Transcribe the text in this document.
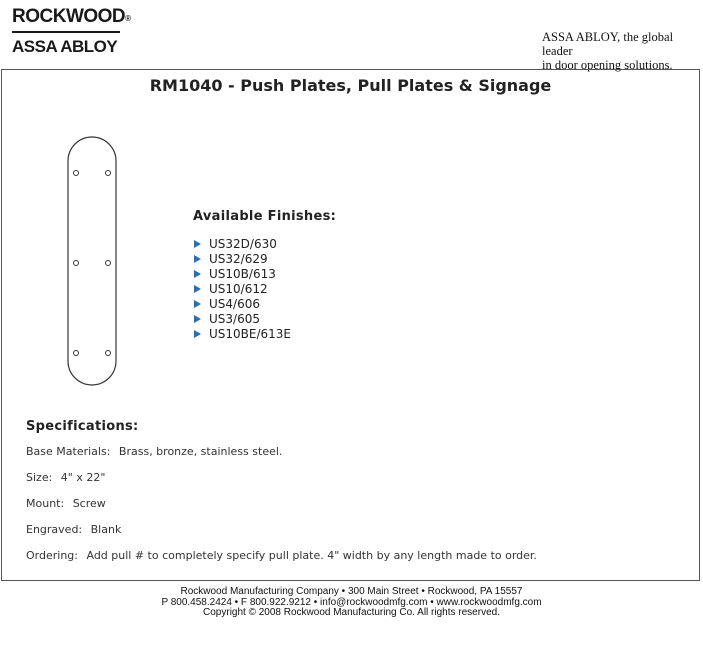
ROCKWOOD®
ASSA ABLOY	ASSA ABLOY, the global leader
in door opening solutions.
RM1040 - Push Plates, Pull Plates & Signage
Available Finishes:
US32D/630
US32/629
US10B/613
US10/612
US4/606
US3/605
US10BE/613E
Specifications:
Base Materials: Brass, bronze, stainless steel.
Size: 4" x 22"
Mount: Screw
Engraved: Blank
Ordering: Add pull # to completely specify pull plate. 4" width by any length made to order.
Rockwood Manufacturing Company • 300 Main Street • Rockwood, PA 15557
P 800.458.2424 • F 800.922.9212 • info@rockwoodmfg.com • www.rockwoodmfg.com
Copyright © 2008 Rockwood Manufacturing Co. All rights reserved.
